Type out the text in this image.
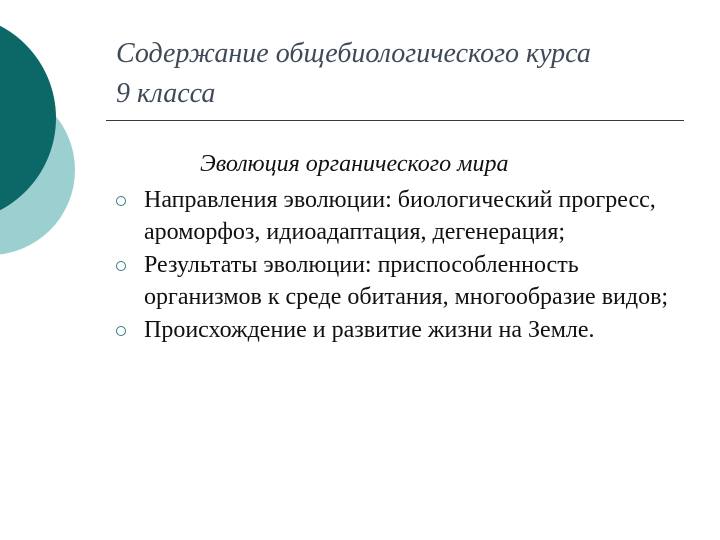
Содержание общебиологического курса
9 класса
Эволюция органического мира
Направления эволюции: биологический прогресс, ароморфоз, идиоадаптация, дегенерация;
Результаты эволюции: приспособленность организмов к среде обитания, многообразие видов;
Происхождение и развитие жизни на Земле.
